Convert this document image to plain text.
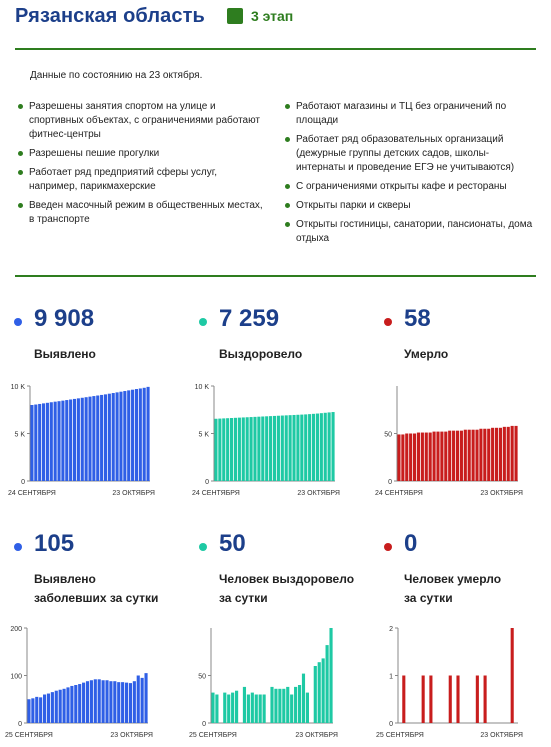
Рязанская область	3 этап
Данные по состоянию на 23 октября.
Разрешены занятия спортом на улице и спортивных объектах, с ограничениями работают фитнес-центры
Разрешены пешие прогулки
Работает ряд предприятий сферы услуг, например, парикмахерские
Введен масочный режим в общественных местах, в транспорте
Работают магазины и ТЦ без ограничений по площади
Работает ряд образовательных организаций (дежурные группы детских садов, школы-интернаты и проведение ЕГЭ не учитываются)
С ограничениями открыты кафе и рестораны
Открыты парки и скверы
Открыты гостиницы, санатории, пансионаты, дома отдыха
9 908
Выявлено
7 259
Выздоровело
58
Умерло
105
Выявлено заболевших за сутки
50
Человек выздоровело за сутки
0
Человек умерло за сутки
0
5 K
10 K
24 СЕНТЯБРЯ	23 ОКТЯБРЯ
0
5 K
10 K
24 СЕНТЯБРЯ	23 ОКТЯБРЯ
0
50
24 СЕНТЯБРЯ	23 ОКТЯБРЯ
0
100
200
25 СЕНТЯБРЯ	23 ОКТЯБРЯ
0
50
25 СЕНТЯБРЯ	23 ОКТЯБРЯ
0
1
2
25 СЕНТЯБРЯ	23 ОКТЯБРЯ
